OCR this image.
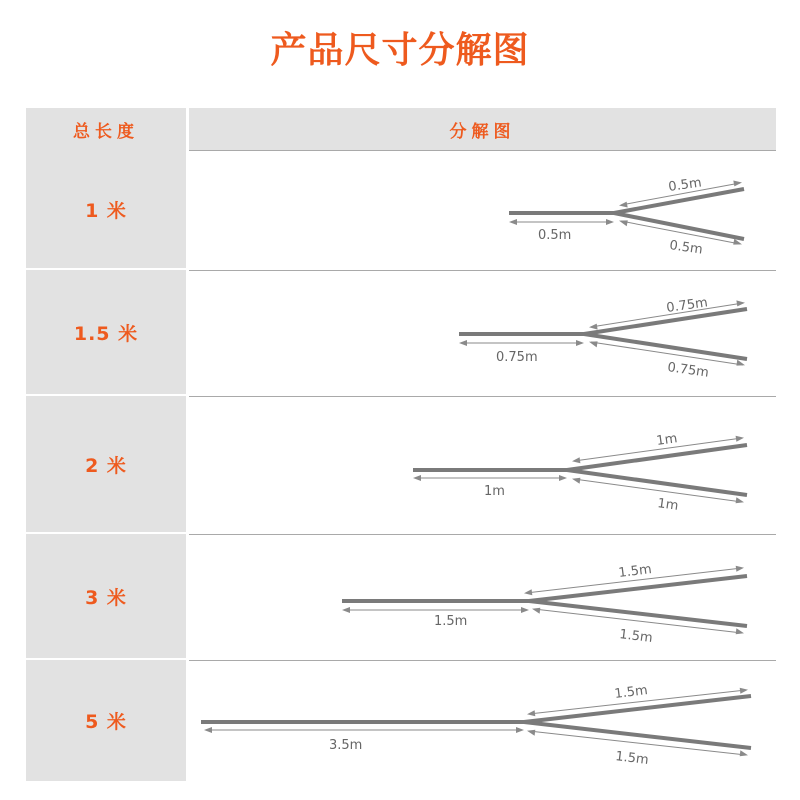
产品尺寸分解图
总长度	分解图
1 米
0.5m
0.5m
0.5m
1.5 米
0.75m
0.75m
0.75m
2 米
1m
1m
1m
3 米
1.5m
1.5m
1.5m
5 米
3.5m
1.5m
1.5m
